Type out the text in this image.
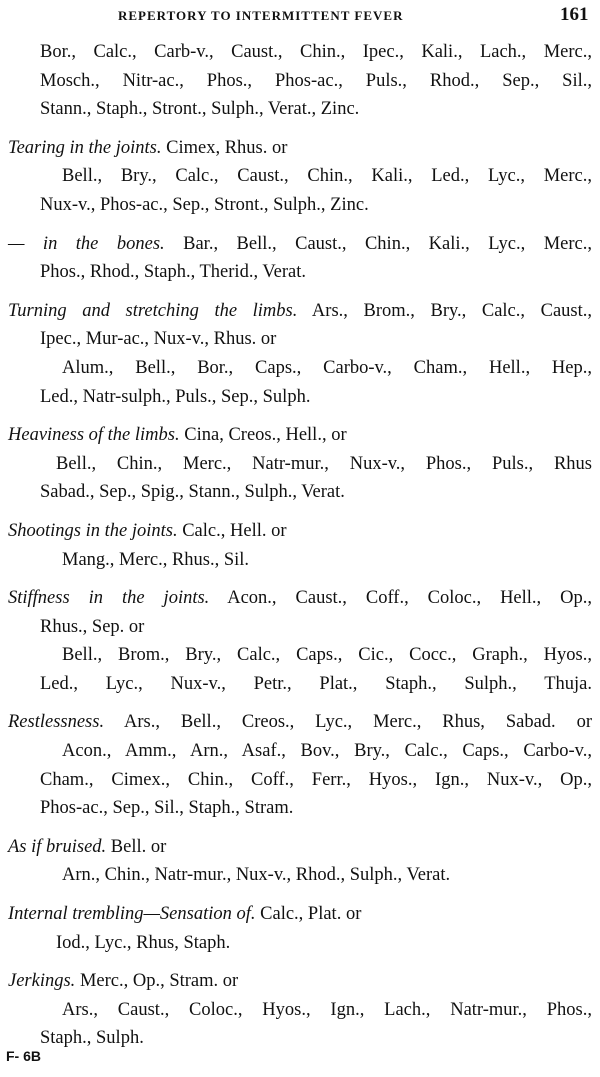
REPERTORY TO INTERMITTENT FEVER	161
Bor., Calc., Carb-v., Caust., Chin., Ipec., Kali., Lach., Merc.,
Mosch., Nitr-ac., Phos., Phos-ac., Puls., Rhod., Sep., Sil.,
Stann., Staph., Stront., Sulph., Verat., Zinc.
Tearing in the joints. Cimex, Rhus. or
Bell., Bry., Calc., Caust., Chin., Kali., Led., Lyc., Merc.,
Nux-v., Phos-ac., Sep., Stront., Sulph., Zinc.
— in the bones. Bar., Bell., Caust., Chin., Kali., Lyc., Merc.,
Phos., Rhod., Staph., Therid., Verat.
Turning and stretching the limbs. Ars., Brom., Bry., Calc., Caust.,
Ipec., Mur-ac., Nux-v., Rhus. or
Alum., Bell., Bor., Caps., Carbo-v., Cham., Hell., Hep.,
Led., Natr-sulph., Puls., Sep., Sulph.
Heaviness of the limbs. Cina, Creos., Hell., or
Bell., Chin., Merc., Natr-mur., Nux-v., Phos., Puls., Rhus
Sabad., Sep., Spig., Stann., Sulph., Verat.
Shootings in the joints. Calc., Hell. or
Mang., Merc., Rhus., Sil.
Stiffness in the joints. Acon., Caust., Coff., Coloc., Hell., Op.,
Rhus., Sep. or
Bell., Brom., Bry., Calc., Caps., Cic., Cocc., Graph., Hyos.,
Led., Lyc., Nux-v., Petr., Plat., Staph., Sulph., Thuja.
Restlessness. Ars., Bell., Creos., Lyc., Merc., Rhus, Sabad. or
Acon., Amm., Arn., Asaf., Bov., Bry., Calc., Caps., Carbo-v.,
Cham., Cimex., Chin., Coff., Ferr., Hyos., Ign., Nux-v., Op.,
Phos-ac., Sep., Sil., Staph., Stram.
As if bruised. Bell. or
Arn., Chin., Natr-mur., Nux-v., Rhod., Sulph., Verat.
Internal trembling—Sensation of. Calc., Plat. or
Iod., Lyc., Rhus, Staph.
Jerkings. Merc., Op., Stram. or
Ars., Caust., Coloc., Hyos., Ign., Lach., Natr-mur., Phos.,
Staph., Sulph.
F- 6B
